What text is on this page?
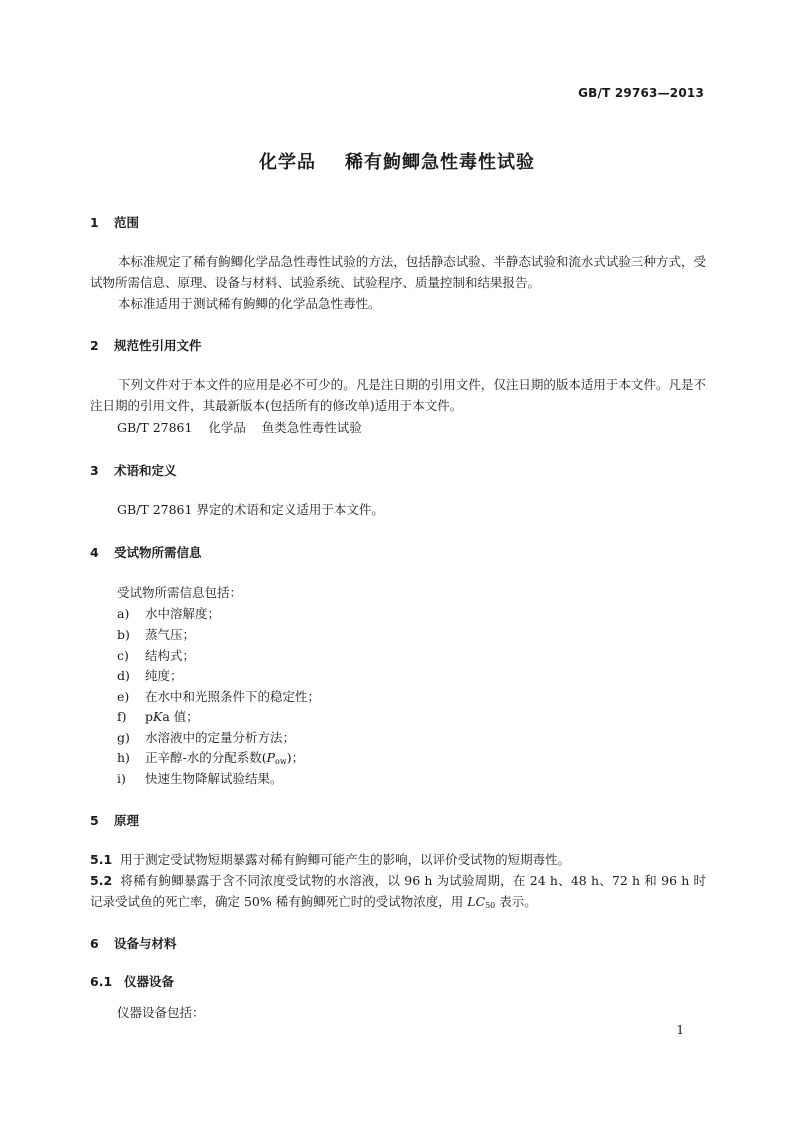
GB/T 29763—2013
化学品    稀有鮈鲫急性毒性试验
1 范围
本标准规定了稀有鮈鲫化学品急性毒性试验的方法，包括静态试验、半静态试验和流水式试验三种方式，受试物所需信息、原理、设备与材料、试验系统、试验程序、质量控制和结果报告。
本标准适用于测试稀有鮈鲫的化学品急性毒性。
2 规范性引用文件
下列文件对于本文件的应用是必不可少的。凡是注日期的引用文件，仅注日期的版本适用于本文件。凡是不注日期的引用文件，其最新版本(包括所有的修改单)适用于本文件。
GB/T 27861    化学品    鱼类急性毒性试验
3 术语和定义
GB/T 27861 界定的术语和定义适用于本文件。
4 受试物所需信息
受试物所需信息包括：
a) 水中溶解度；
b) 蒸气压；
c) 结构式；
d) 纯度；
e) 在水中和光照条件下的稳定性；
f) pKa 值；
g) 水溶液中的定量分析方法；
h) 正辛醇-水的分配系数$(P_{ow})$；
i) 快速生物降解试验结果。
5 原理
5.1 用于测定受试物短期暴露对稀有鮈鲫可能产生的影响，以评价受试物的短期毒性。
5.2 将稀有鮈鲫暴露于含不同浓度受试物的水溶液，以 96 h 为试验周期，在 24 h、48 h、72 h 和 96 h 时记录受试鱼的死亡率，确定 50% 稀有鮈鲫死亡时的受试物浓度，用 $LC_{50}$ 表示。
6 设备与材料
6.1 仪器设备
仪器设备包括：
1
